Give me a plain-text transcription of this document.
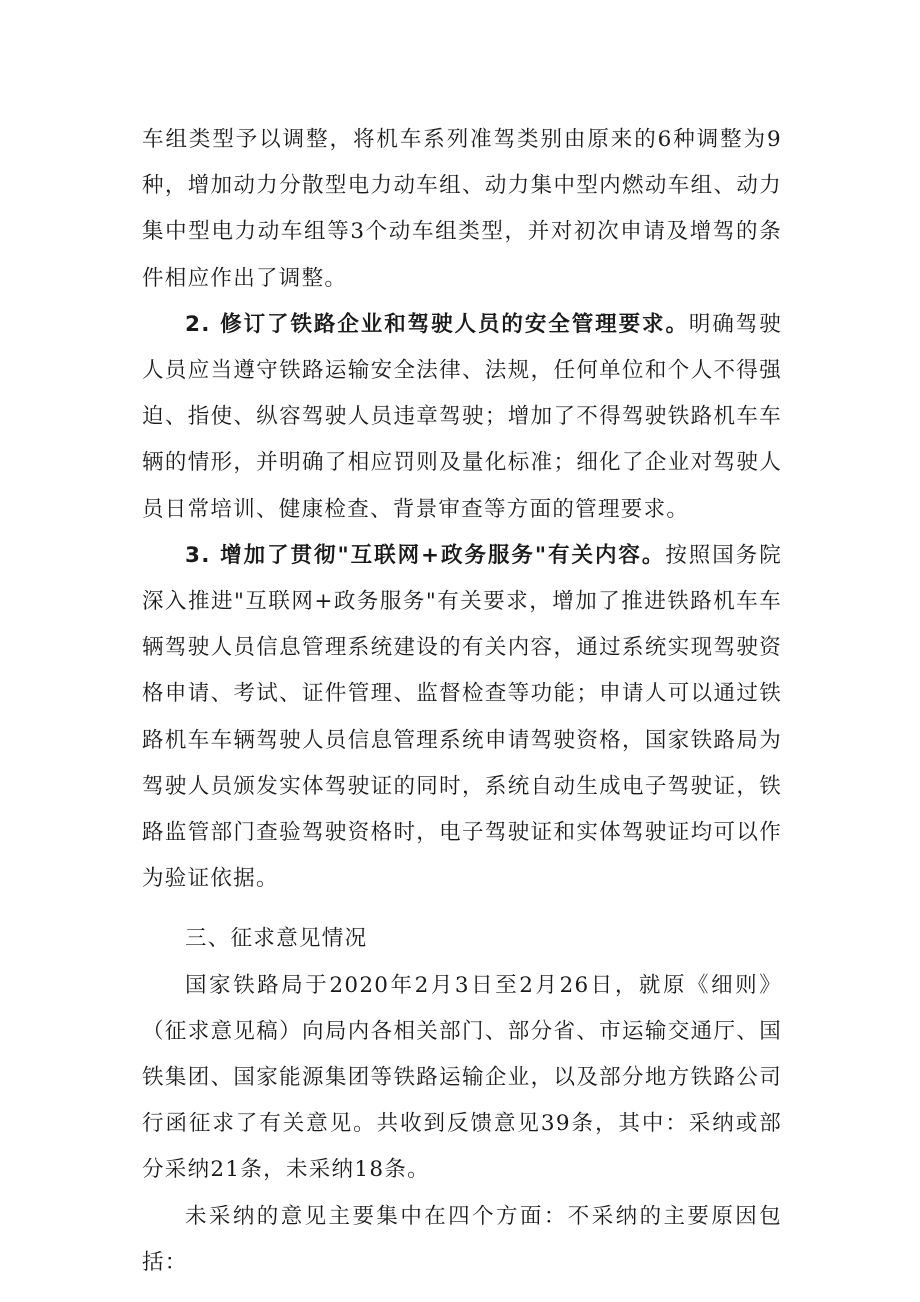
车组类型予以调整，将机车系列准驾类别由原来的6种调整为9种，增加动力分散型电力动车组、动力集中型内燃动车组、动力集中型电力动车组等3个动车组类型，并对初次申请及增驾的条件相应作出了调整。

2. 修订了铁路企业和驾驶人员的安全管理要求。明确驾驶人员应当遵守铁路运输安全法律、法规，任何单位和个人不得强迫、指使、纵容驾驶人员违章驾驶；增加了不得驾驶铁路机车车辆的情形，并明确了相应罚则及量化标准；细化了企业对驾驶人员日常培训、健康检查、背景审查等方面的管理要求。

3. 增加了贯彻"互联网+政务服务"有关内容。按照国务院深入推进"互联网+政务服务"有关要求，增加了推进铁路机车车辆驾驶人员信息管理系统建设的有关内容，通过系统实现驾驶资格申请、考试、证件管理、监督检查等功能；申请人可以通过铁路机车车辆驾驶人员信息管理系统申请驾驶资格，国家铁路局为驾驶人员颁发实体驾驶证的同时，系统自动生成电子驾驶证，铁路监管部门查验驾驶资格时，电子驾驶证和实体驾驶证均可以作为验证依据。

三、征求意见情况

国家铁路局于2020年2月3日至2月26日，就原《细则》（征求意见稿）向局内各相关部门、部分省、市运输交通厅、国铁集团、国家能源集团等铁路运输企业，以及部分地方铁路公司行函征求了有关意见。共收到反馈意见39条，其中：采纳或部分采纳21条，未采纳18条。

未采纳的意见主要集中在四个方面：不采纳的主要原因包括：
